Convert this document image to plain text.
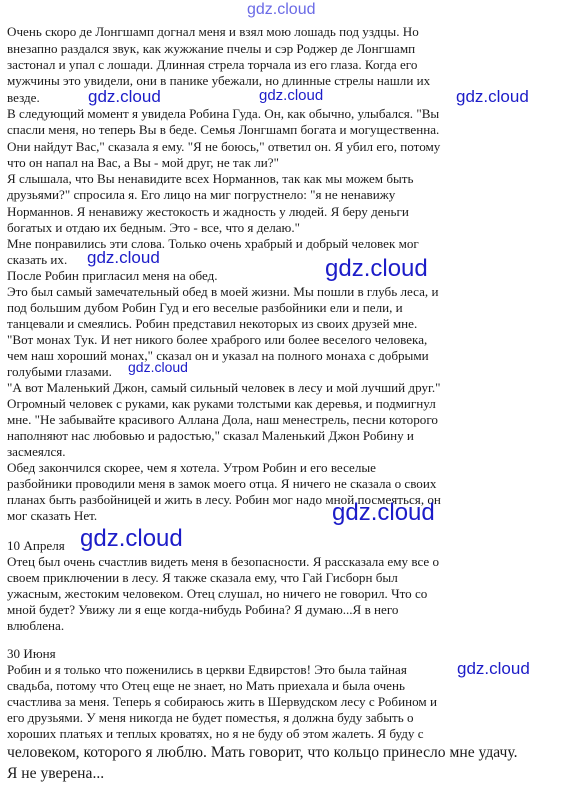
gdz.cloud
Очень скоро де Лонгшамп догнал меня и взял мою лошадь под уздцы. Но
внезапно раздался звук, как жужжание пчелы и сэр Роджер де Лонгшамп
застонал и упал с лошади. Длинная стрела торчала из его глаза. Когда его
мужчины это увидели, они в панике убежали, но длинные стрелы нашли их
везде.	gdz.cloud	gdz.cloud	gdz.cloud
В следующий момент я увидела Робина Гуда. Он, как обычно, улыбался. "Вы
спасли меня, но теперь Вы в беде. Семья Лонгшамп богата и могущественна.
Они найдут Вас," сказала я ему. "Я не боюсь," ответил он. Я убил его, потому
что он напал на Вас, а Вы - мой друг, не так ли?"
Я слышала, что Вы ненавидите всех Норманнов, так как мы можем быть
друзьями?" спросила я. Его лицо на миг погрустнело: "я не ненавижу
Норманнов. Я ненавижу жестокость и жадность у людей. Я беру деньги
богатых и отдаю их бедным. Это - все, что я делаю."
Мне понравились эти слова. Только очень храбрый и добрый человек мог
сказать их. gdz.cloud	gdz.cloud
После Робин пригласил меня на обед.
Это был самый замечательный обед в моей жизни. Мы пошли в глубь леса, и
под большим дубом Робин Гуд и его веселые разбойники ели и пели, и
танцевали и смеялись. Робин представил некоторых из своих друзей мне.
"Вот монах Тук. И нет никого более храброго или более веселого человека,
чем наш хороший монах," сказал он и указал на полного монаха с добрыми
голубыми глазами. gdz.cloud
"А вот Маленький Джон, самый сильный человек в лесу и мой лучший друг."
Огромный человек с руками, как руками толстыми как деревья, и подмигнул
мне. "Не забывайте красивого Аллана Дола, наш менестрель, песни которого
наполняют нас любовью и радостью," сказал Маленький Джон Робину и
засмеялся.
Обед закончился скорее, чем я хотела. Утром Робин и его веселые
разбойники проводили меня в замок моего отца. Я ничего не сказала о своих
планах быть разбойницей и жить в лесу. Робин мог надо мной посмеяться, он
мог сказать Нет.	gdz.cloud
10 Апреля gdz.cloud
Отец был очень счастлив видеть меня в безопасности. Я рассказала ему все о
своем приключении в лесу. Я также сказала ему, что Гай Гисборн был
ужасным, жестоким человеком. Отец слушал, но ничего не говорил. Что со
мной будет? Увижу ли я еще когда-нибудь Робина? Я думаю...Я в него
влюблена.
30 Июня
gdz.cloud
Робин и я только что поженились в церкви Едвирстов! Это была тайная
свадьба, потому что Отец еще не знает, но Мать приехала и была очень
счастлива за меня. Теперь я собираюсь жить в Шервудском лесу с Робином и
его друзьями. У меня никогда не будет поместья, я должна буду забыть о
хороших платьях и теплых кроватях, но я не буду об этом жалеть. Я буду с
человеком, которого я люблю. Мать говорит, что кольцо принесло мне удачу.
Я не уверена...
